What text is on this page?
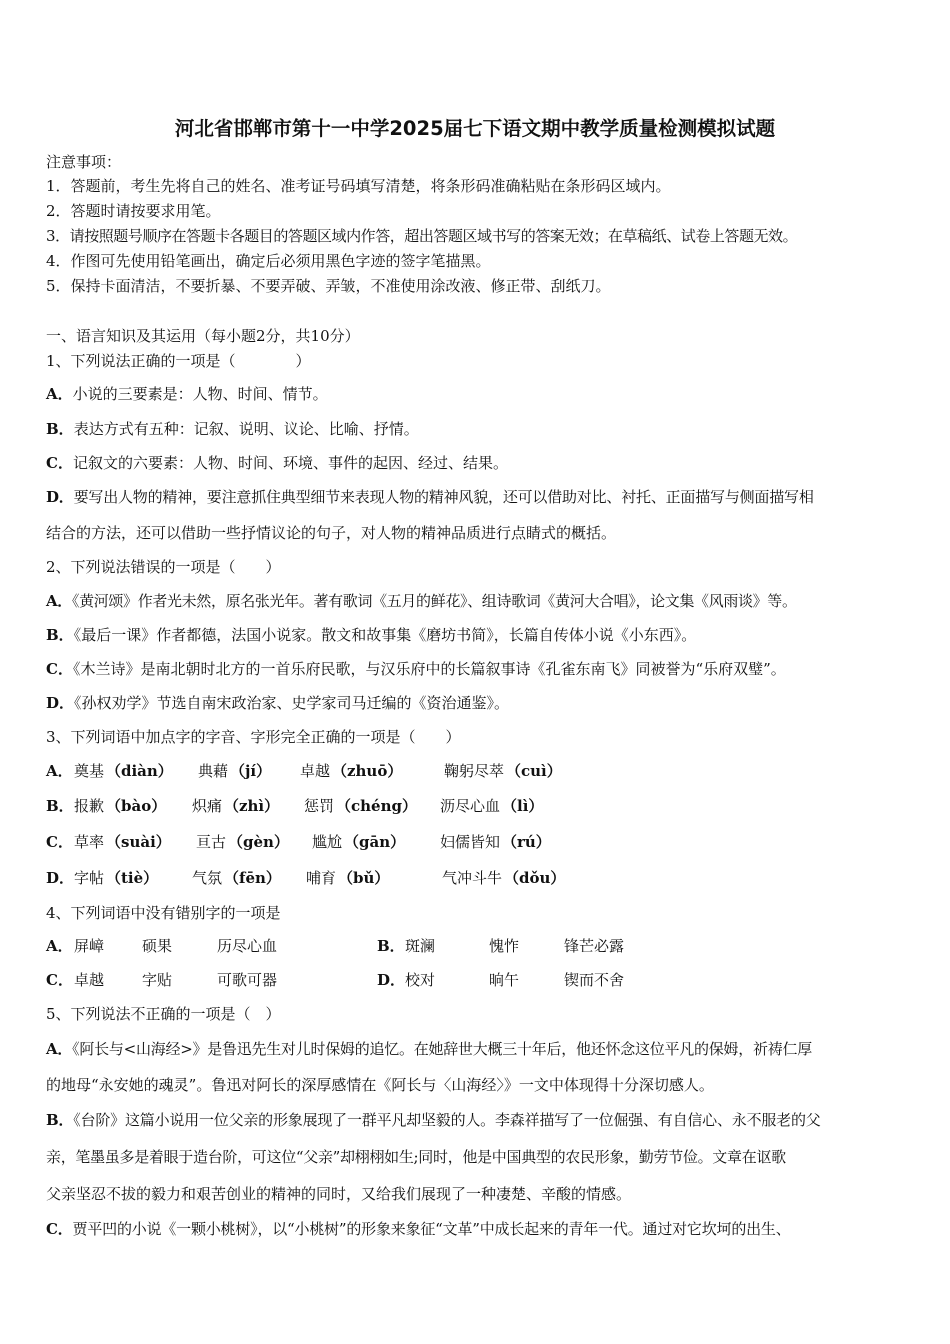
河北省邯郸市第十一中学2025届七下语文期中教学质量检测模拟试题
注意事项：
1．答题前，考生先将自己的姓名、准考证号码填写清楚，将条形码准确粘贴在条形码区域内。
2．答题时请按要求用笔。
3．请按照题号顺序在答题卡各题目的答题区域内作答，超出答题区域书写的答案无效；在草稿纸、试卷上答题无效。
4．作图可先使用铅笔画出，确定后必须用黑色字迹的签字笔描黑。
5．保持卡面清洁，不要折暴、不要弄破、弄皱，不准使用涂改液、修正带、刮纸刀。
一、语言知识及其运用（每小题2分，共10分）
1、下列说法正确的一项是（　　　　）
A．小说的三要素是：人物、时间、情节。
B．表达方式有五种：记叙、说明、议论、比喻、抒情。
C．记叙文的六要素：人物、时间、环境、事件的起因、经过、结果。
D．要写出人物的精神，要注意抓住典型细节来表现人物的精神风貌，还可以借助对比、衬托、正面描写与侧面描写相
结合的方法，还可以借助一些抒情议论的句子，对人物的精神品质进行点睛式的概括。
2、下列说法错误的一项是（　　）
A．《黄河颂》作者光未然，原名张光年。著有歌词《五月的鲜花》、组诗歌词《黄河大合唱》，论文集《风雨谈》等。
B．《最后一课》作者都德，法国小说家。散文和故事集《磨坊书简》，长篇自传体小说《小东西》。
C．《木兰诗》是南北朝时北方的一首乐府民歌，与汉乐府中的长篇叙事诗《孔雀东南飞》同被誉为“乐府双璧”。
D．《孙权劝学》节选自南宋政治家、史学家司马迁编的《资治通鉴》。
3、下列词语中加点字的字音、字形完全正确的一项是（　　）
A． 奠基 （diàn） 典藉 （jí） 卓越 （zhuō）	鞠躬尽萃 （cuì）
B． 报歉 （bào） 炽痛 （zhì） 惩罚 （chéng） 沥尽心血 （lì）
C． 草率 （suài） 亘古 （gèn） 尴尬 （gān） 妇儒皆知 （rú）
D． 字帖 （tiè） 气氛 （fēn） 哺育 （bǔ）	气冲斗牛 （dǒu）
4、下列词语中没有错别字的一项是
A． 屏嶂	硕果	历尽心血	B． 斑澜	愧怍	锋芒必露
C． 卓越	字贴	可歌可器	D． 校对	晌午	锲而不舍
5、下列说法不正确的一项是（　）
A．《阿长与<山海经>》是鲁迅先生对儿时保姆的追忆。在她辞世大概三十年后，他还怀念这位平凡的保姆，祈祷仁厚
的地母“永安她的魂灵”。鲁迅对阿长的深厚感情在《阿长与〈山海经〉》一文中体现得十分深切感人。
B．《台阶》这篇小说用一位父亲的形象展现了一群平凡却坚毅的人。李森祥描写了一位倔强、有自信心、永不服老的父
亲，笔墨虽多是着眼于造台阶，可这位“父亲”却栩栩如生;同时，他是中国典型的农民形象，勤劳节俭。文章在讴歌
父亲坚忍不拔的毅力和艰苦创业的精神的同时，又给我们展现了一种凄楚、辛酸的情感。
C．贾平凹的小说《一颗小桃树》，以“小桃树”的形象来象征“文革”中成长起来的青年一代。通过对它坎坷的出生、
